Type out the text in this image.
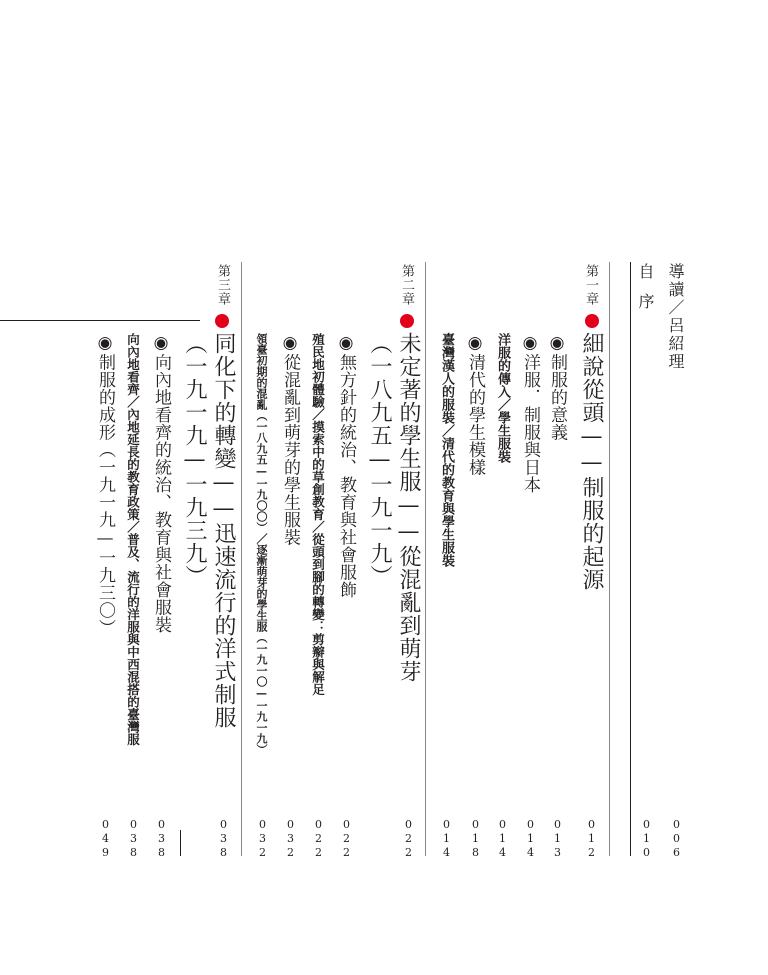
導讀／呂紹理
006
自序
010
第一章
細說從頭——制服的起源
012
◉制服的意義
013
◉洋服．制服與日本
014
洋服的傳入／學生服裝
014
◉清代的學生模樣
018
臺灣漢人的服裝／清代的教育與學生服裝
014
第二章
未定著的學生服——從混亂到萌芽
（一八九五—一九一九）
022
◉無方針的統治、教育與社會服飾
022
殖民地初體驗／摸索中的草創教育／從頭到腳的轉變：剪辮與解足
022
◉從混亂到萌芽的學生服裝
032
領臺初期的混亂（一八九五—一九〇〇）／逐漸萌芽的學生服（一九一〇—一九一九）
032
第三章
同化下的轉變——迅速流行的洋式制服
（一九一九—一九三九）
038
◉向內地看齊的統治、教育與社會服裝
038
向內地看齊／內地延長的教育政策／普及、流行的洋服與中西混搭的臺灣服
038
◉制服的成形（一九一九—一九三〇）
049
